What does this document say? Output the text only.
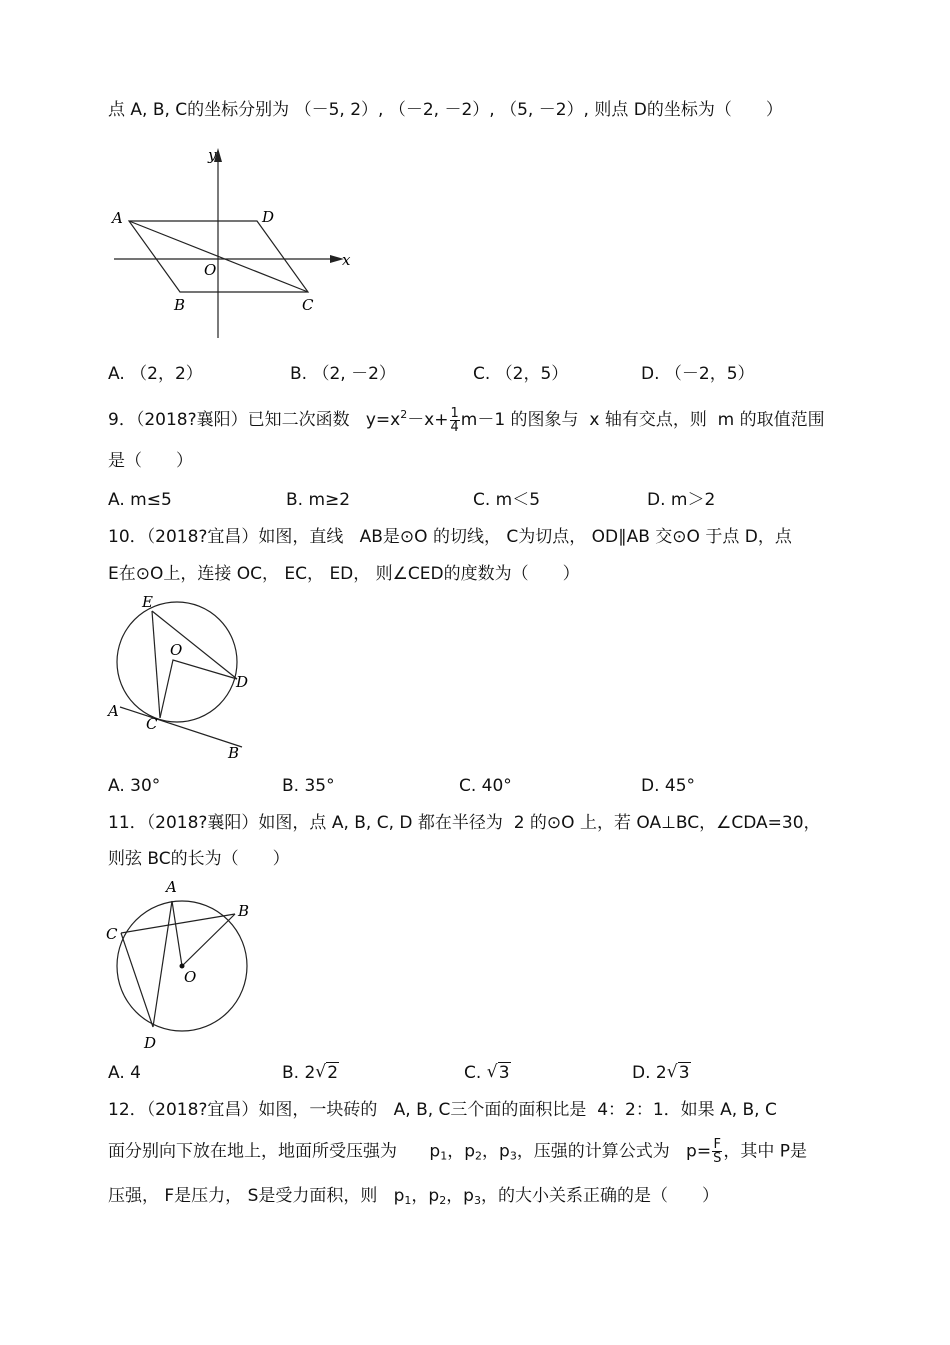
点 A, B, C的坐标分别为 （－5, 2）, （－2, －2）, （5, －2）, 则点 D的坐标为（　　）
y
x
O
A	D
B	C
A. （2，2）	B. （2, －2）	C. （2，5）	D. （－2，5）
9．（2018?襄阳）已知二次函数   $y=x^2-x+ \frac{1}{4} m-1$ 的图象与  x 轴有交点，则  m 的取值范围
是（　　）
A. m≤5	B. m≥2	C. m＜5	D. m＞2
10．（2018?宜昌）如图，直线   AB是⊙O 的切线， C为切点， OD∥AB 交⊙O 于点 D，点
E在⊙O上，连接 OC， EC， ED， 则∠CED的度数为（　　）
E
O
D
A
C
B
A. 30°	B. 35°	C. 40°	D. 45°
11．（2018?襄阳）如图，点 A, B, C, D 都在半径为  2 的⊙O 上，若 OA⊥BC，∠CDA=30，
则弦 BC的长为（　　）
A
B
C
O
D
A. 4	B. 2 √ 2	C. √ 3	D. 2 √ 3
12．（2018?宜昌）如图，一块砖的   A, B, C三个面的面积比是  4：2：1．如果 A, B, C
面分别向下放在地上，地面所受压强为      $p_1$，$p_2$，$p_3$，压强的计算公式为   $p= \frac{F}{S}$ ，其中 P是
压强， F是压力， S是受力面积，则   $p_1$，$p_2$，$p_3$，的大小关系正确的是（　　）
